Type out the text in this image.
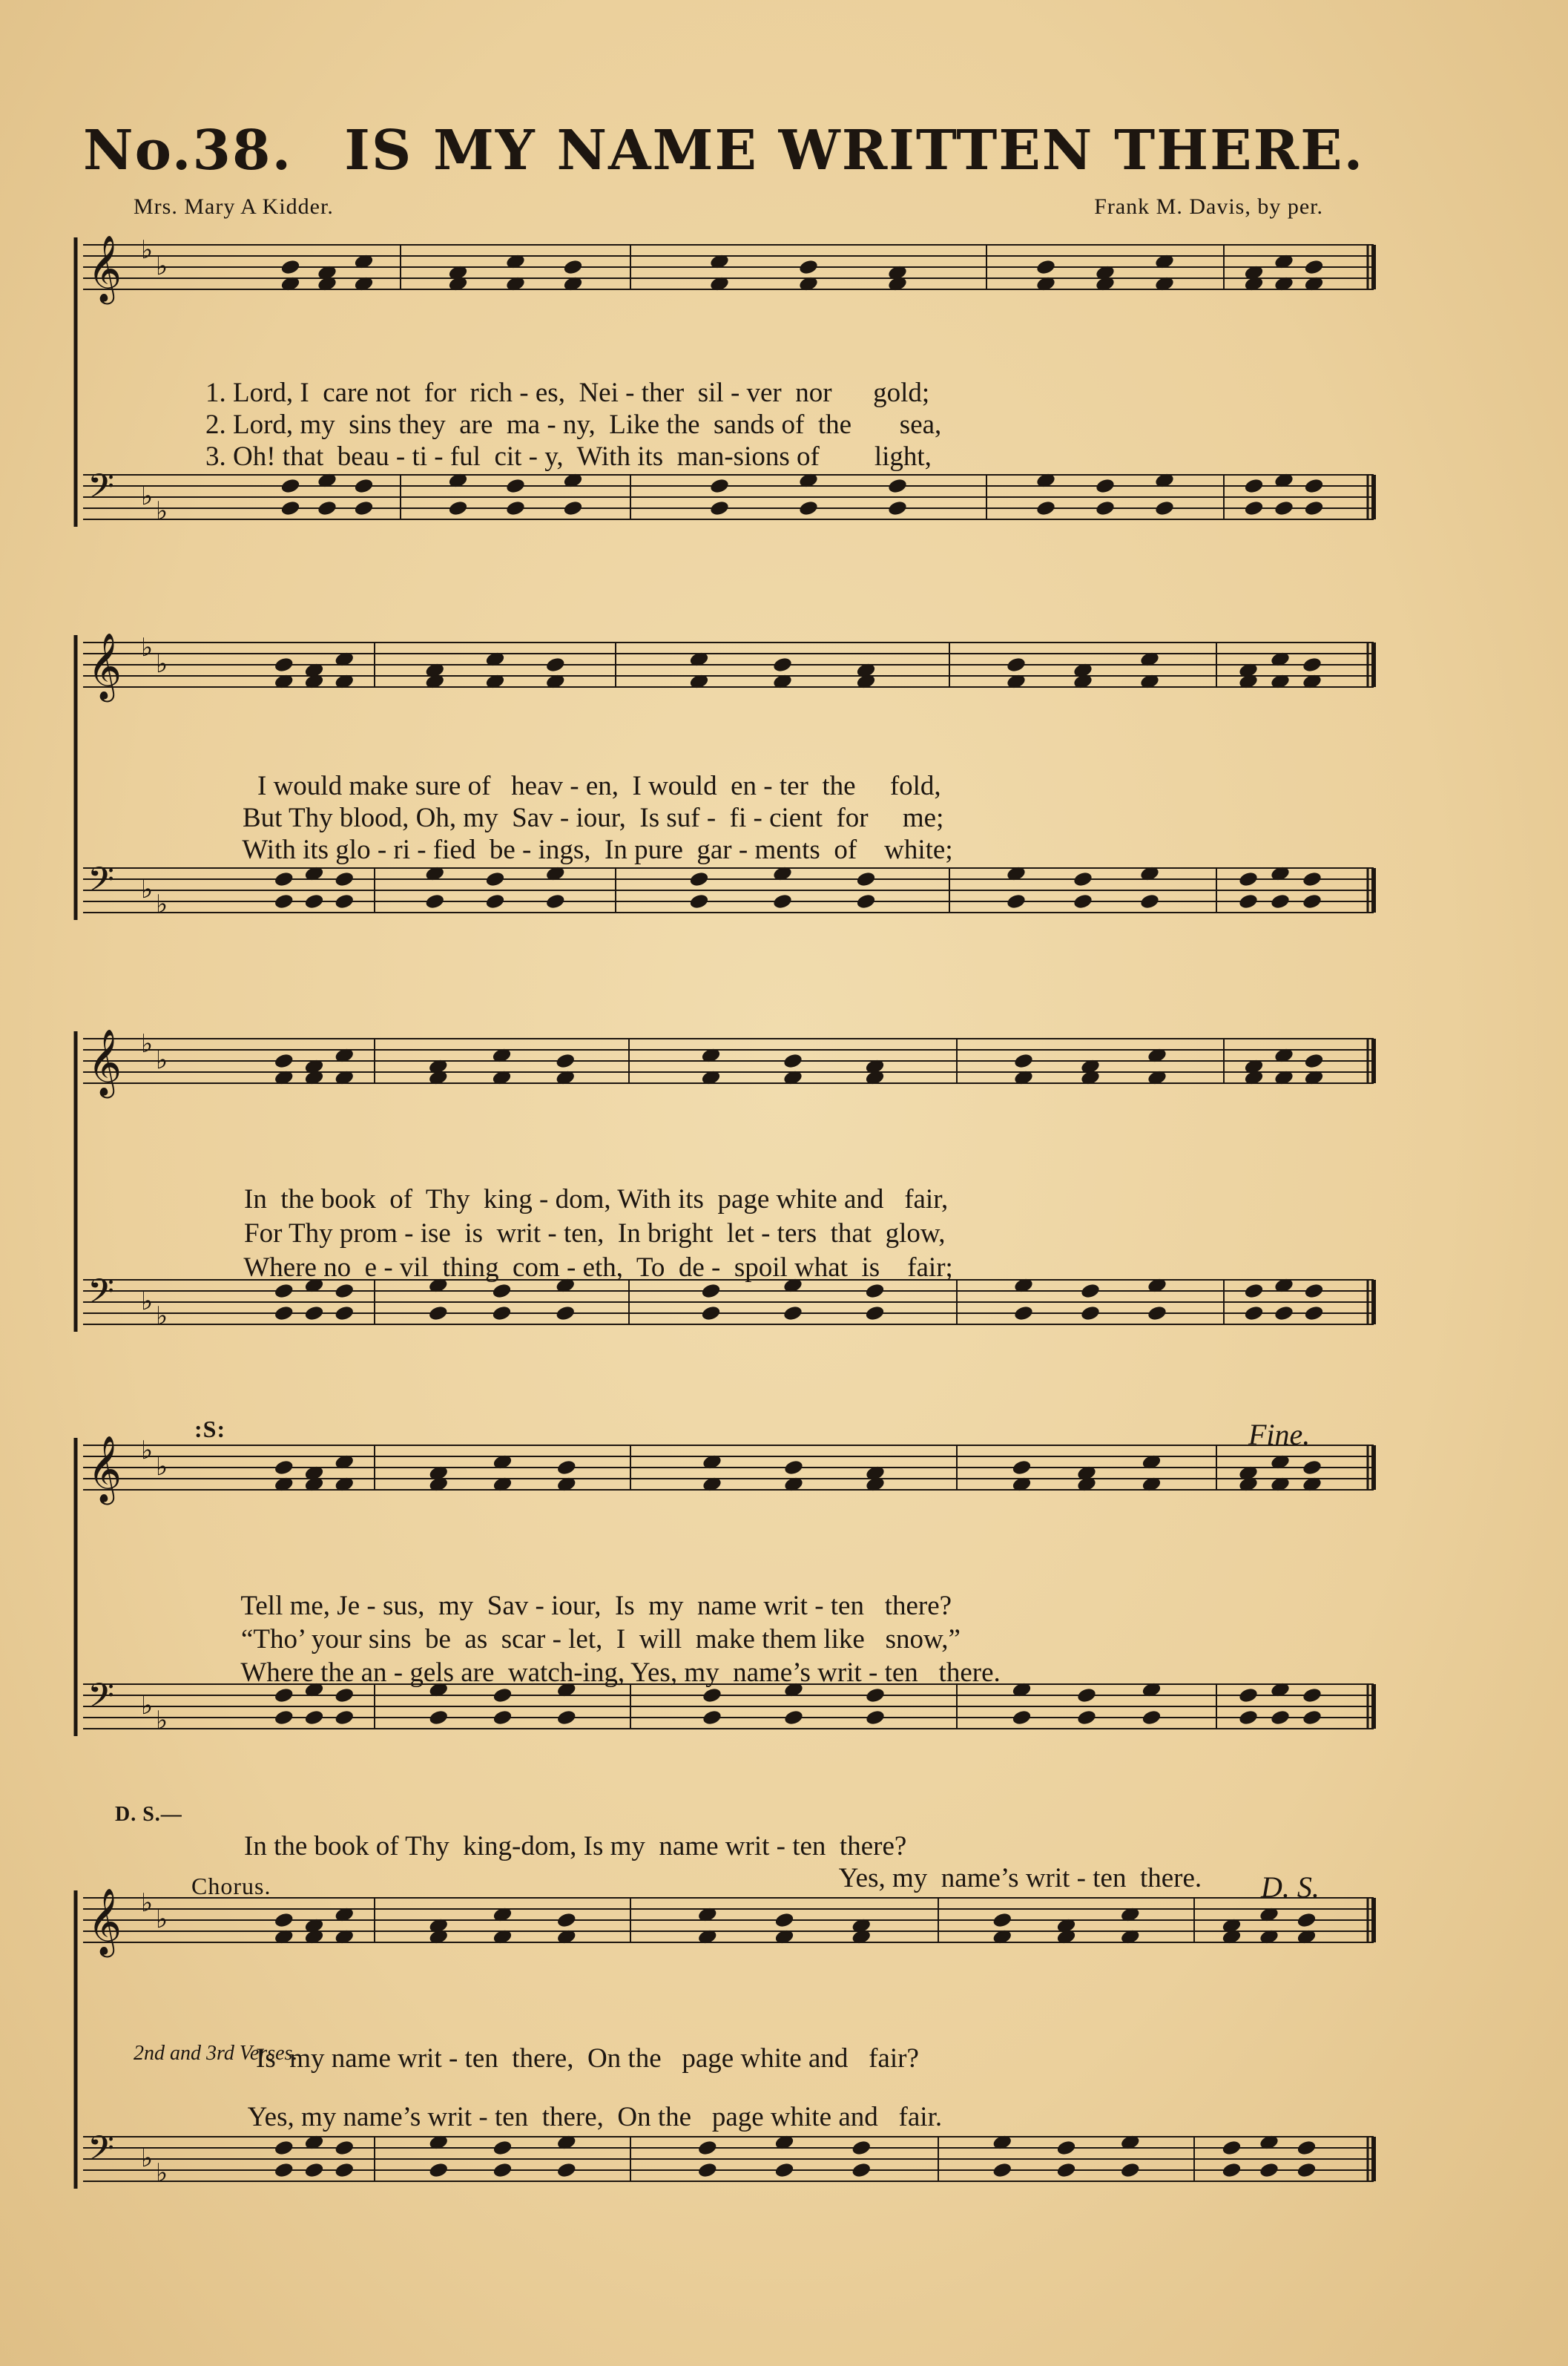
No.38. IS MY NAME WRITTEN THERE.
Mrs. Mary A Kidder.	Frank M. Davis, by per.
𝄞
𝄢
♭
♭
♭ ♭
𝄞
𝄢
♭
♭
♭ ♭
𝄞
𝄢
♭
♭
♭ ♭
𝄞
𝄢
♭
♭
♭ ♭
𝄞
𝄢
♭
♭
♭ ♭

1. Lord, I care not for rich - es, Nei - ther sil - ver nor gold;

2. Lord, my sins they are ma - ny, Like the sands of the sea,

3. Oh! that beau - ti - ful cit - y, With its man-sions of light,

I would make sure of heav - en, I would en - ter the fold,

But Thy blood, Oh, my Sav - iour, Is suf - fi - cient for me;

With its glo - ri - fied be - ings, In pure gar - ments of white;

In  the book  of  Thy king - dom, With its page white and fair,

For Thy prom - ise  is writ - ten,  In bright let - ters  that glow,

Where no  e - vil  thing com - eth,  To  de - spoil what  is fair;

:S:	Fine.

Tell me, Je - sus,  my Sav - iour,  Is  my name writ - ten there?

“Tho’ your sins  be  as scar - let,  I  will make them like snow,”

Where the an - gels are watch-ing, Yes, my name’s writ - ten there.

D. S.—

In the book of Thy king-dom, Is my name writ - ten there?

Yes, my name’s writ - ten there.

Chorus.	D. S.

Is  my name writ - ten there,  On the page white and fair?

2nd and 3rd Verses.

Yes, my name’s writ - ten there,  On the page white and fair.
